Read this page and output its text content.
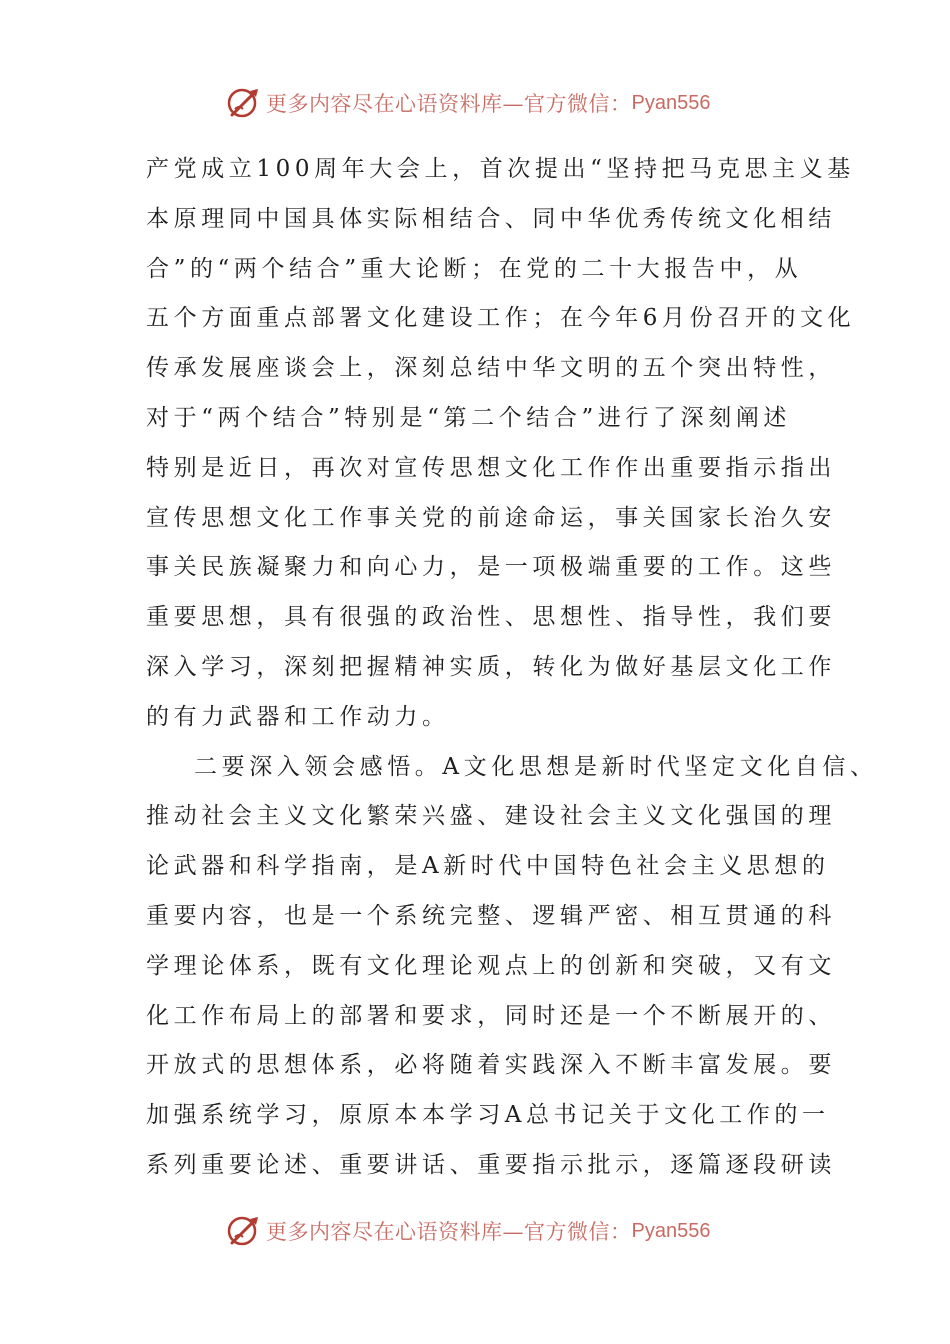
更多内容尽在心语资料库—官方微信： Pyan556
产党成立100周年大会上，首次提出“坚持把马克思主义基
本原理同中国具体实际相结合、同中华优秀传统文化相结
合”的“两个结合”重大论断；在党的二十大报告中，从
五个方面重点部署文化建设工作；在今年6月份召开的文化
传承发展座谈会上，深刻总结中华文明的五个突出特性，
对于“两个结合”特别是“第二个结合”进行了深刻阐述
特别是近日，再次对宣传思想文化工作作出重要指示指出
宣传思想文化工作事关党的前途命运，事关国家长治久安
事关民族凝聚力和向心力，是一项极端重要的工作。这些
重要思想，具有很强的政治性、思想性、指导性，我们要
深入学习，深刻把握精神实质，转化为做好基层文化工作
的有力武器和工作动力。
二要深入领会感悟。A文化思想是新时代坚定文化自信、
推动社会主义文化繁荣兴盛、建设社会主义文化强国的理
论武器和科学指南，是A新时代中国特色社会主义思想的
重要内容，也是一个系统完整、逻辑严密、相互贯通的科
学理论体系，既有文化理论观点上的创新和突破，又有文
化工作布局上的部署和要求，同时还是一个不断展开的、
开放式的思想体系，必将随着实践深入不断丰富发展。要
加强系统学习，原原本本学习A总书记关于文化工作的一
系列重要论述、重要讲话、重要指示批示，逐篇逐段研读
更多内容尽在心语资料库—官方微信： Pyan556
